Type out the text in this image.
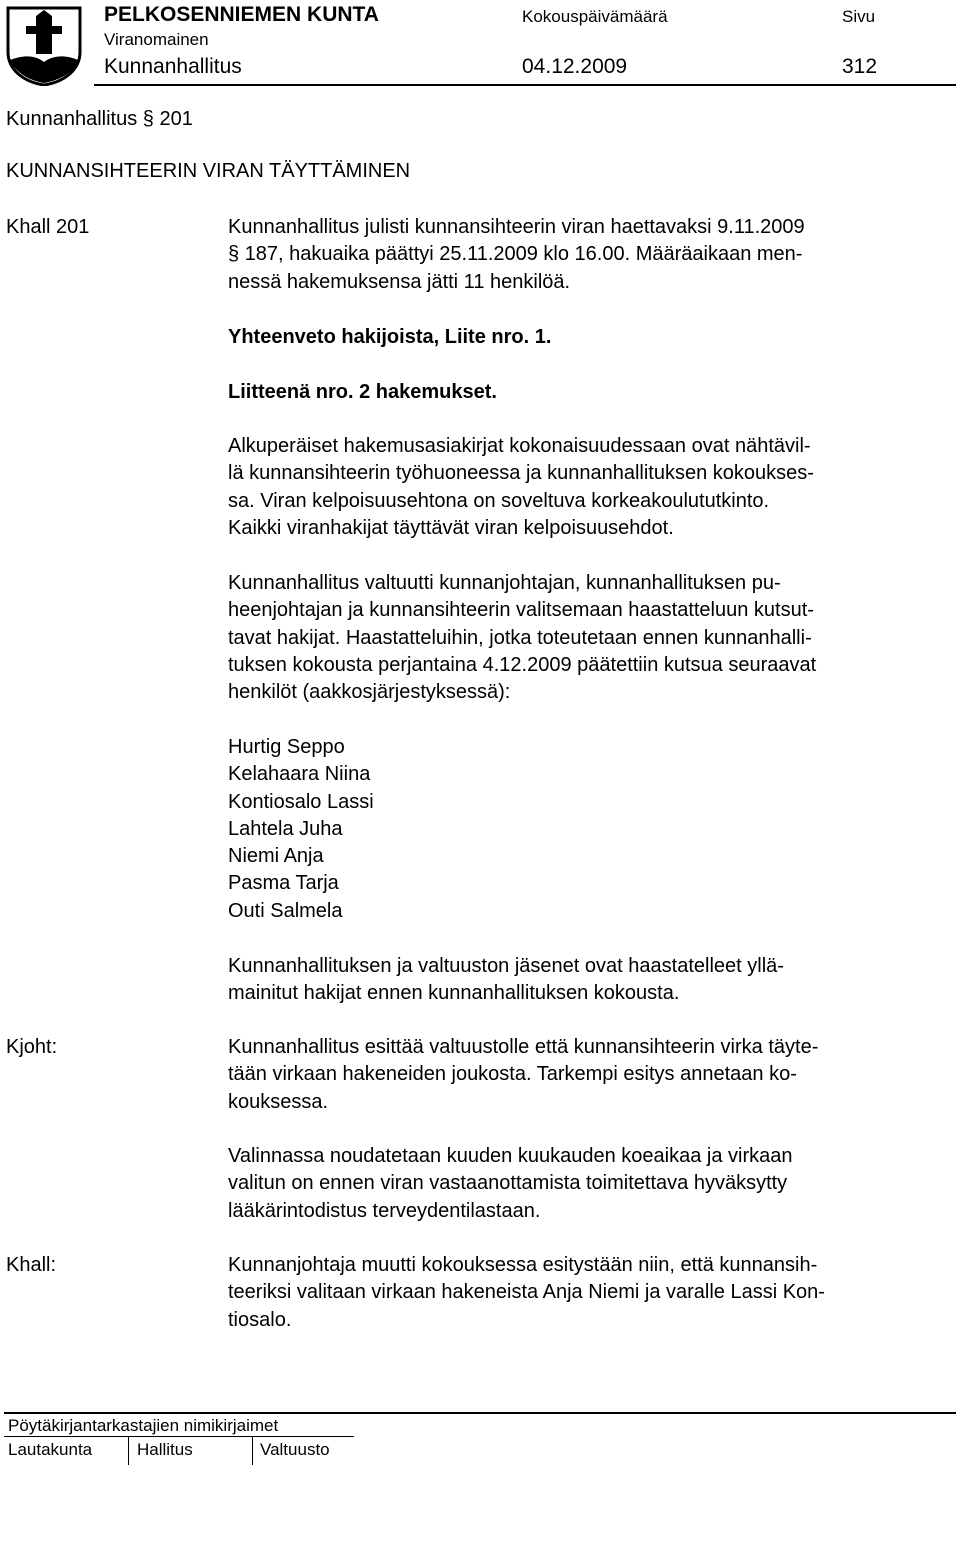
PELKOSENNIEMEN KUNTA
Viranomainen
Kunnanhallitus
Kokouspäivämäärä
04.12.2009
Sivu
312
Kunnanhallitus § 201
KUNNANSIHTEERIN VIRAN TÄYTTÄMINEN
Khall 201
Kjoht:
Khall:
Kunnanhallitus julisti kunnansihteerin viran haettavaksi 9.11.2009
§ 187, hakuaika päättyi 25.11.2009 klo 16.00. Määräaikaan men-
nessä hakemuksensa jätti 11 henkilöä.
Yhteenveto hakijoista, Liite nro. 1.
Liitteenä nro. 2 hakemukset.
Alkuperäiset hakemusasiakirjat kokonaisuudessaan ovat nähtävil-
lä kunnansihteerin työhuoneessa ja kunnanhallituksen kokoukses-
sa. Viran kelpoisuusehtona on soveltuva korkeakoulututkinto.
Kaikki viranhakijat täyttävät viran kelpoisuusehdot.
Kunnanhallitus valtuutti kunnanjohtajan, kunnanhallituksen pu-
heenjohtajan ja kunnansihteerin valitsemaan haastatteluun kutsut-
tavat hakijat. Haastatteluihin, jotka toteutetaan ennen kunnanhalli-
tuksen kokousta perjantaina 4.12.2009 päätettiin kutsua seuraavat
henkilöt (aakkosjärjestyksessä):
Hurtig Seppo
Kelahaara Niina
Kontiosalo Lassi
Lahtela Juha
Niemi Anja
Pasma Tarja
Outi Salmela
Kunnanhallituksen ja valtuuston jäsenet ovat haastatelleet yllä-
mainitut hakijat ennen kunnanhallituksen kokousta.
Kunnanhallitus esittää valtuustolle että kunnansihteerin virka täyte-
tään virkaan hakeneiden joukosta. Tarkempi esitys annetaan ko-
kouksessa.
Valinnassa noudatetaan kuuden kuukauden koeaikaa ja virkaan
valitun on ennen viran vastaanottamista toimitettava hyväksytty
lääkärintodistus terveydentilastaan.
Kunnanjohtaja muutti kokouksessa esitystään niin, että kunnansih-
teeriksi valitaan virkaan hakeneista Anja Niemi ja varalle Lassi Kon-
tiosalo.
Pöytäkirjantarkastajien nimikirjaimet
Lautakunta	Hallitus	Valtuusto
